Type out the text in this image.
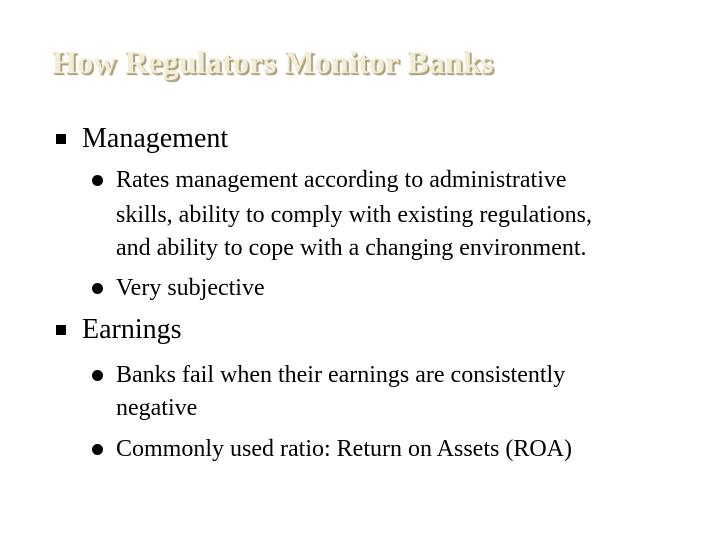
How Regulators Monitor Banks
Management
Rates management according to administrative
skills, ability to comply with existing regulations,
and ability to cope with a changing environment.
Very subjective
Earnings
Banks fail when their earnings are consistently
negative
Commonly used ratio: Return on Assets (ROA)
